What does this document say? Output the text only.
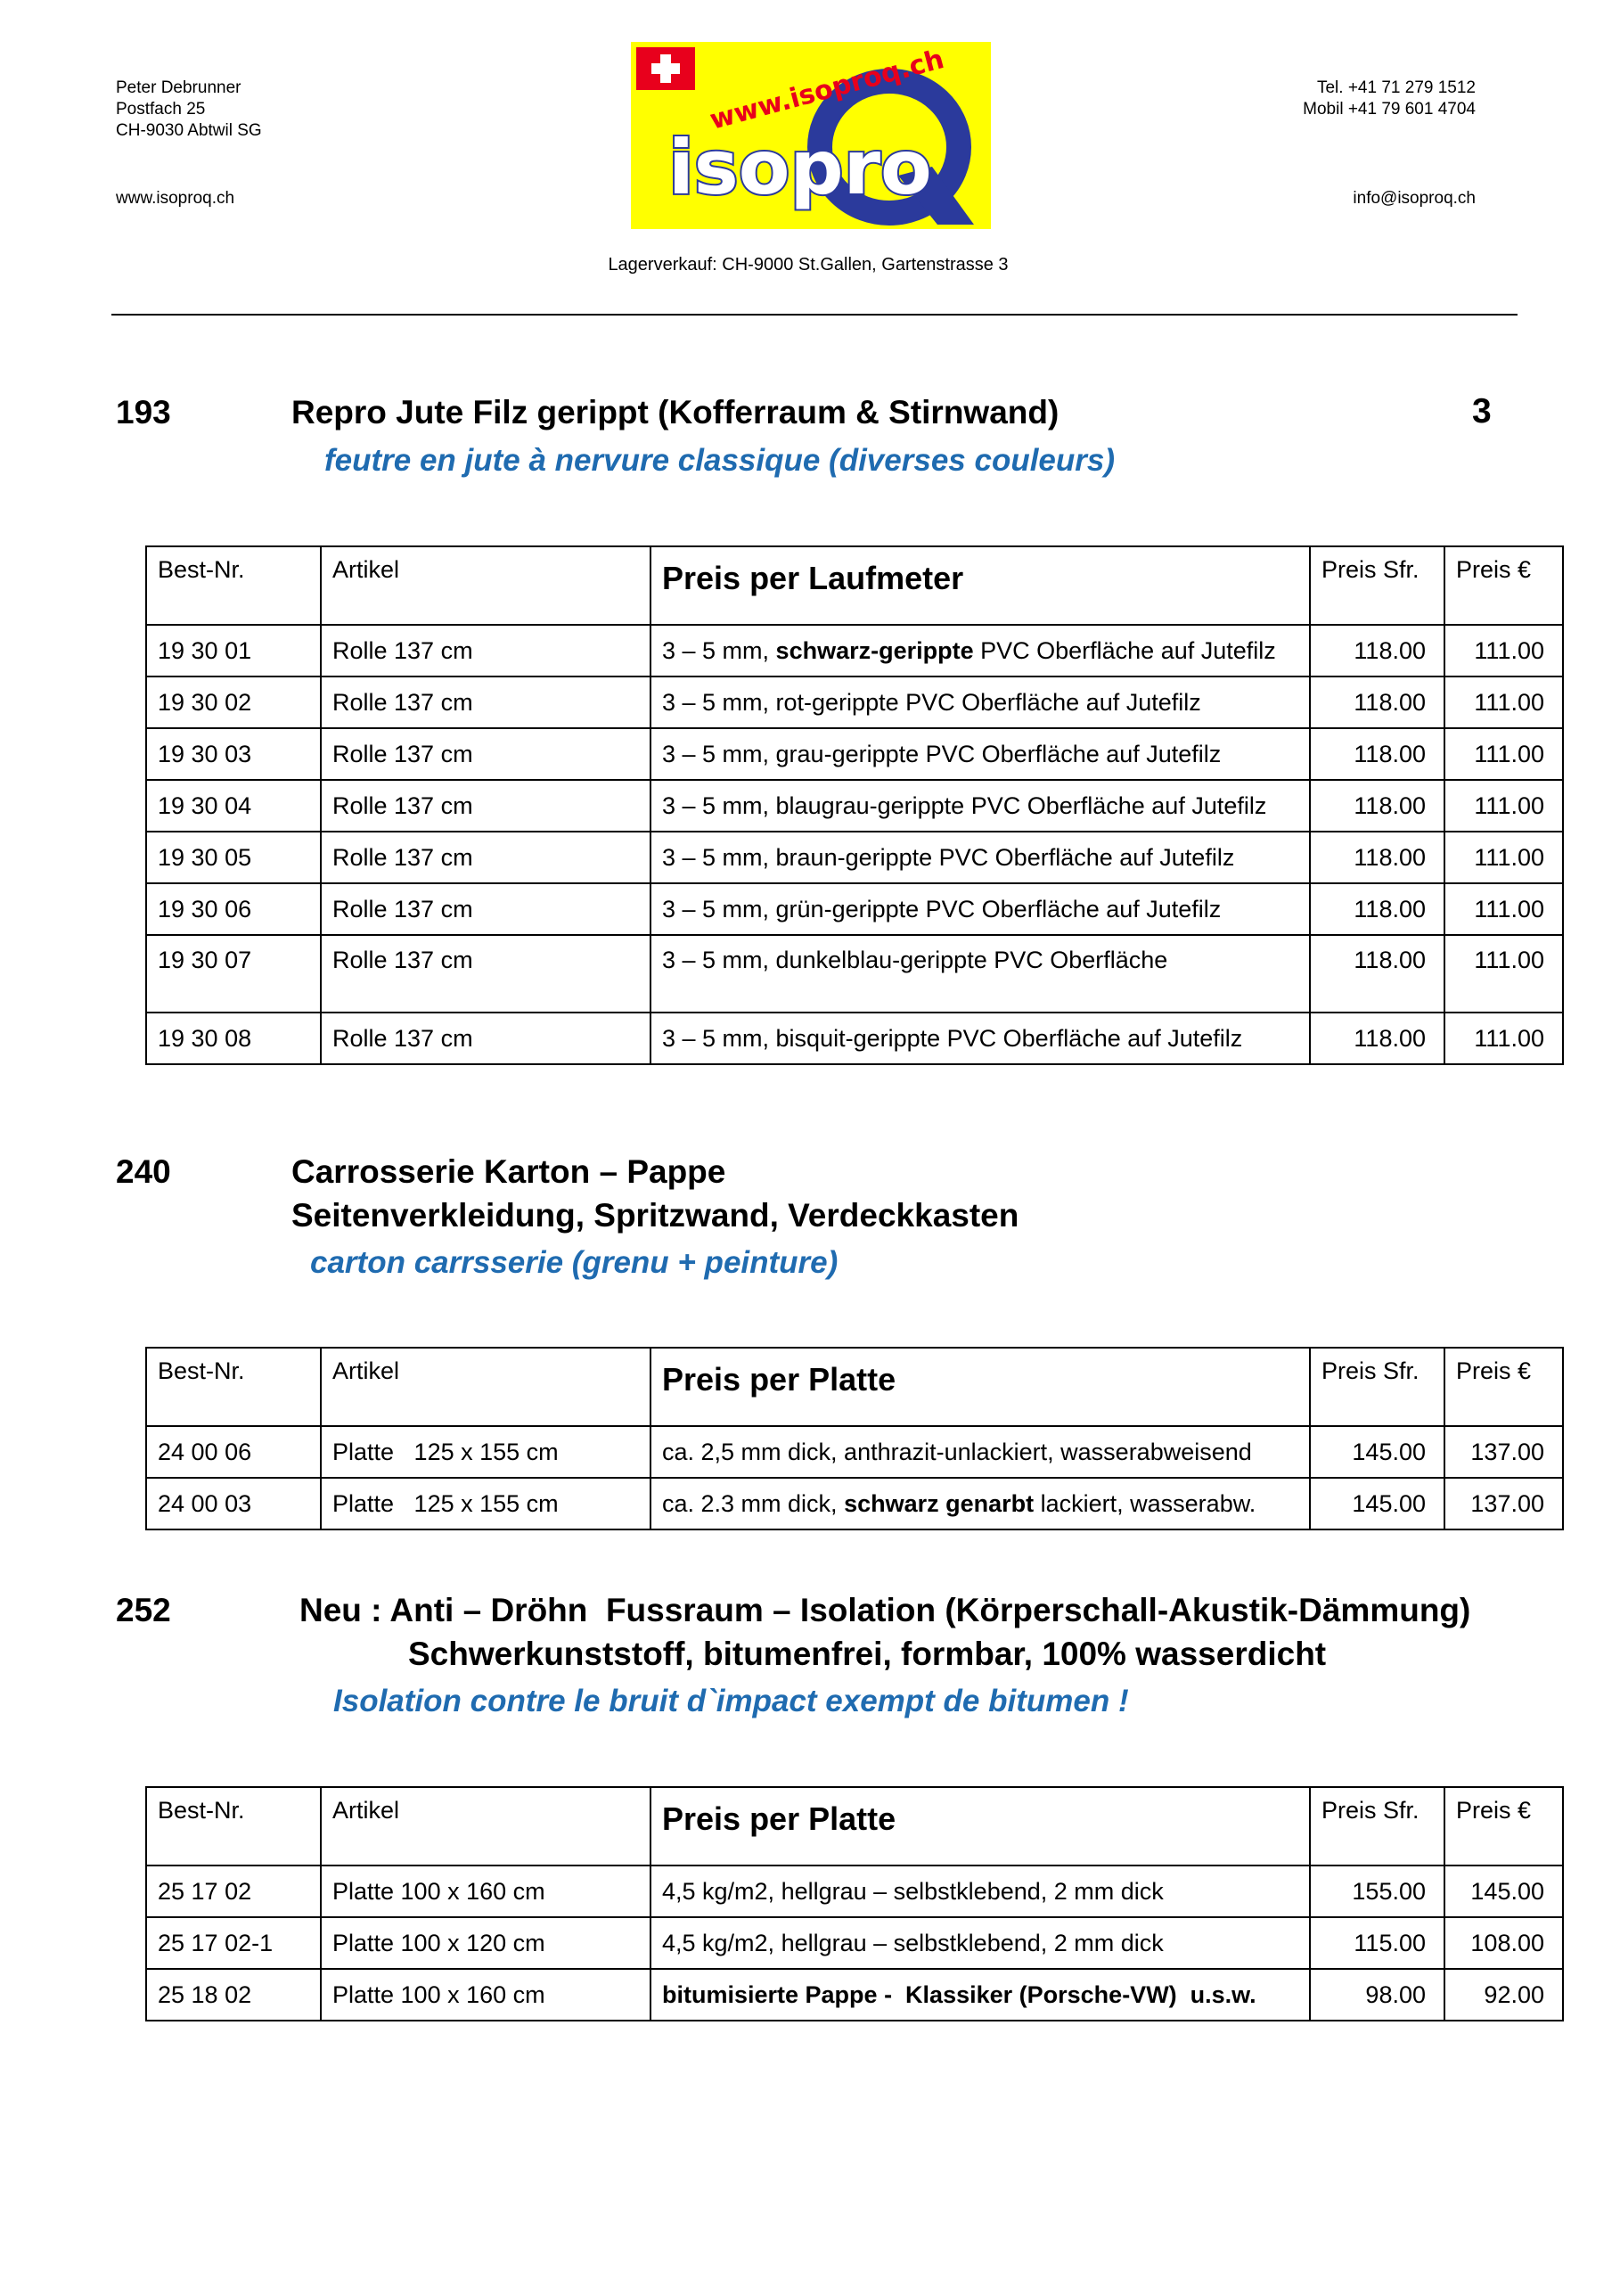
Peter Debrunner
Postfach 25
CH-9030 Abtwil SG
www.isoproq.ch
Tel. +41 71 279 1512
Mobil +41 79 601 4704
info@isoproq.ch
isopro
www.isoproq.ch
Lagerverkauf: CH-9000 St.Gallen, Gartenstrasse 3
193	Repro Jute Filz gerippt (Kofferraum & Stirnwand)	3
feutre en jute à nervure classique (diverses couleurs)
Best-Nr.	Artikel	Preis per Laufmeter	Preis Sfr.	Preis €
19 30 01	Rolle 137 cm	3 – 5 mm, schwarz-gerippte PVC Oberfläche auf Jutefilz	118.00	111.00
19 30 02	Rolle 137 cm	3 – 5 mm, rot-gerippte PVC Oberfläche auf Jutefilz	118.00	111.00
19 30 03	Rolle 137 cm	3 – 5 mm, grau-gerippte PVC Oberfläche auf Jutefilz	118.00	111.00
19 30 04	Rolle 137 cm	3 – 5 mm, blaugrau-gerippte PVC Oberfläche auf Jutefilz	118.00	111.00
19 30 05	Rolle 137 cm	3 – 5 mm, braun-gerippte PVC Oberfläche auf Jutefilz	118.00	111.00
19 30 06	Rolle 137 cm	3 – 5 mm, grün-gerippte PVC Oberfläche auf Jutefilz	118.00	111.00
19 30 07	Rolle 137 cm	3 – 5 mm, dunkelblau-gerippte PVC Oberfläche	118.00	111.00
19 30 08	Rolle 137 cm	3 – 5 mm, bisquit-gerippte PVC Oberfläche auf Jutefilz	118.00	111.00
240	Carrosserie Karton – Pappe
Seitenverkleidung, Spritzwand, Verdeckkasten
carton carrsserie (grenu + peinture)
Best-Nr.	Artikel	Preis per Platte	Preis Sfr.	Preis €
24 00 06	Platte   125 x 155 cm	ca. 2,5 mm dick, anthrazit-unlackiert, wasserabweisend	145.00	137.00
24 00 03	Platte   125 x 155 cm	ca. 2.3 mm dick, schwarz genarbt lackiert, wasserabw.	145.00	137.00
252	Neu : Anti – Dröhn  Fussraum – Isolation (Körperschall-Akustik-Dämmung)
Schwerkunststoff, bitumenfrei, formbar, 100% wasserdicht
Isolation contre le bruit d`impact exempt de bitumen !
Best-Nr.	Artikel	Preis per Platte	Preis Sfr.	Preis €
25 17 02	Platte 100 x 160 cm	4,5 kg/m2, hellgrau – selbstklebend, 2 mm dick	155.00	145.00
25 17 02-1	Platte 100 x 120 cm	4,5 kg/m2, hellgrau – selbstklebend, 2 mm dick	115.00	108.00
25 18 02	Platte 100 x 160 cm	bitumisierte Pappe -  Klassiker (Porsche-VW)  u.s.w.	98.00	92.00
